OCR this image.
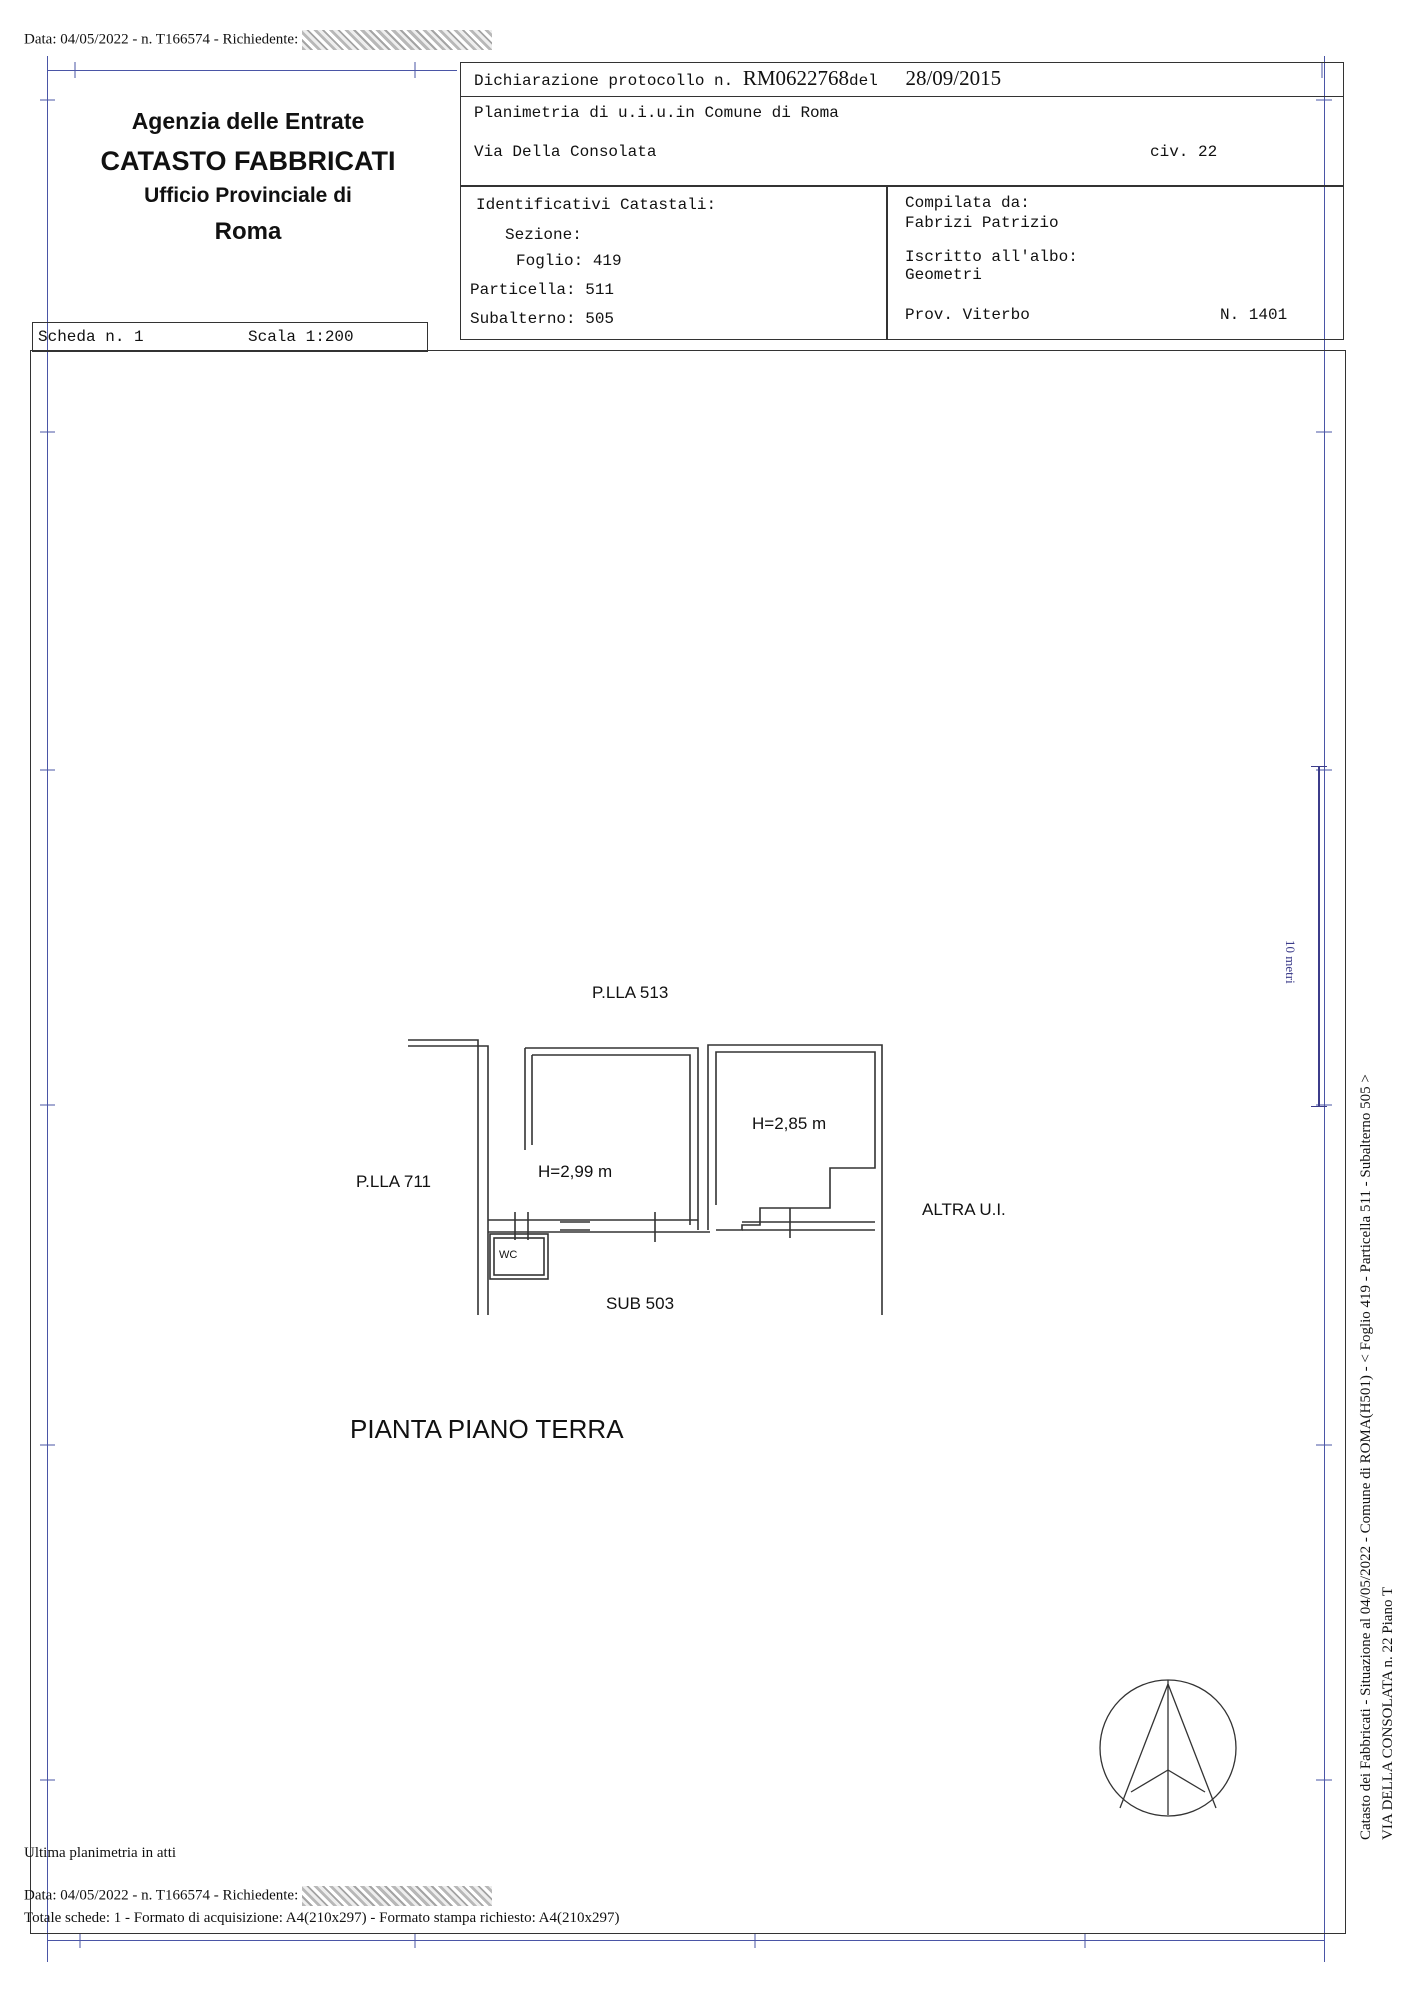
Data: 04/05/2022 - n. T166574 - Richiedente:
Agenzia delle Entrate
CATASTO FABBRICATI
Ufficio Provinciale di
Roma
Dichiarazione protocollo n. RM0622768del 28/09/2015
Planimetria di u.i.u.in Comune di Roma
Via Della Consolata	civ. 22
Identificativi Catastali:
Sezione:
Foglio: 419
Particella: 511
Subalterno: 505
Compilata da:
Fabrizi Patrizio
Iscritto all'albo:
Geometri
Prov. Viterbo	N. 1401
Scheda n. 1	Scala 1:200
P.LLA 513
P.LLA 711
ALTRA U.I.
SUB 503
H=2,99 m
H=2,85 m
WC
PIANTA PIANO TERRA
10 metri
Catasto dei Fabbricati - Situazione al 04/05/2022 - Comune di ROMA(H501) - < Foglio 419 - Particella 511 - Subalterno 505 > VIA DELLA CONSOLATA n. 22 Piano T
Ultima planimetria in atti
Data: 04/05/2022 - n. T166574 - Richiedente:
Totale schede: 1 - Formato di acquisizione: A4(210x297) - Formato stampa richiesto: A4(210x297)
